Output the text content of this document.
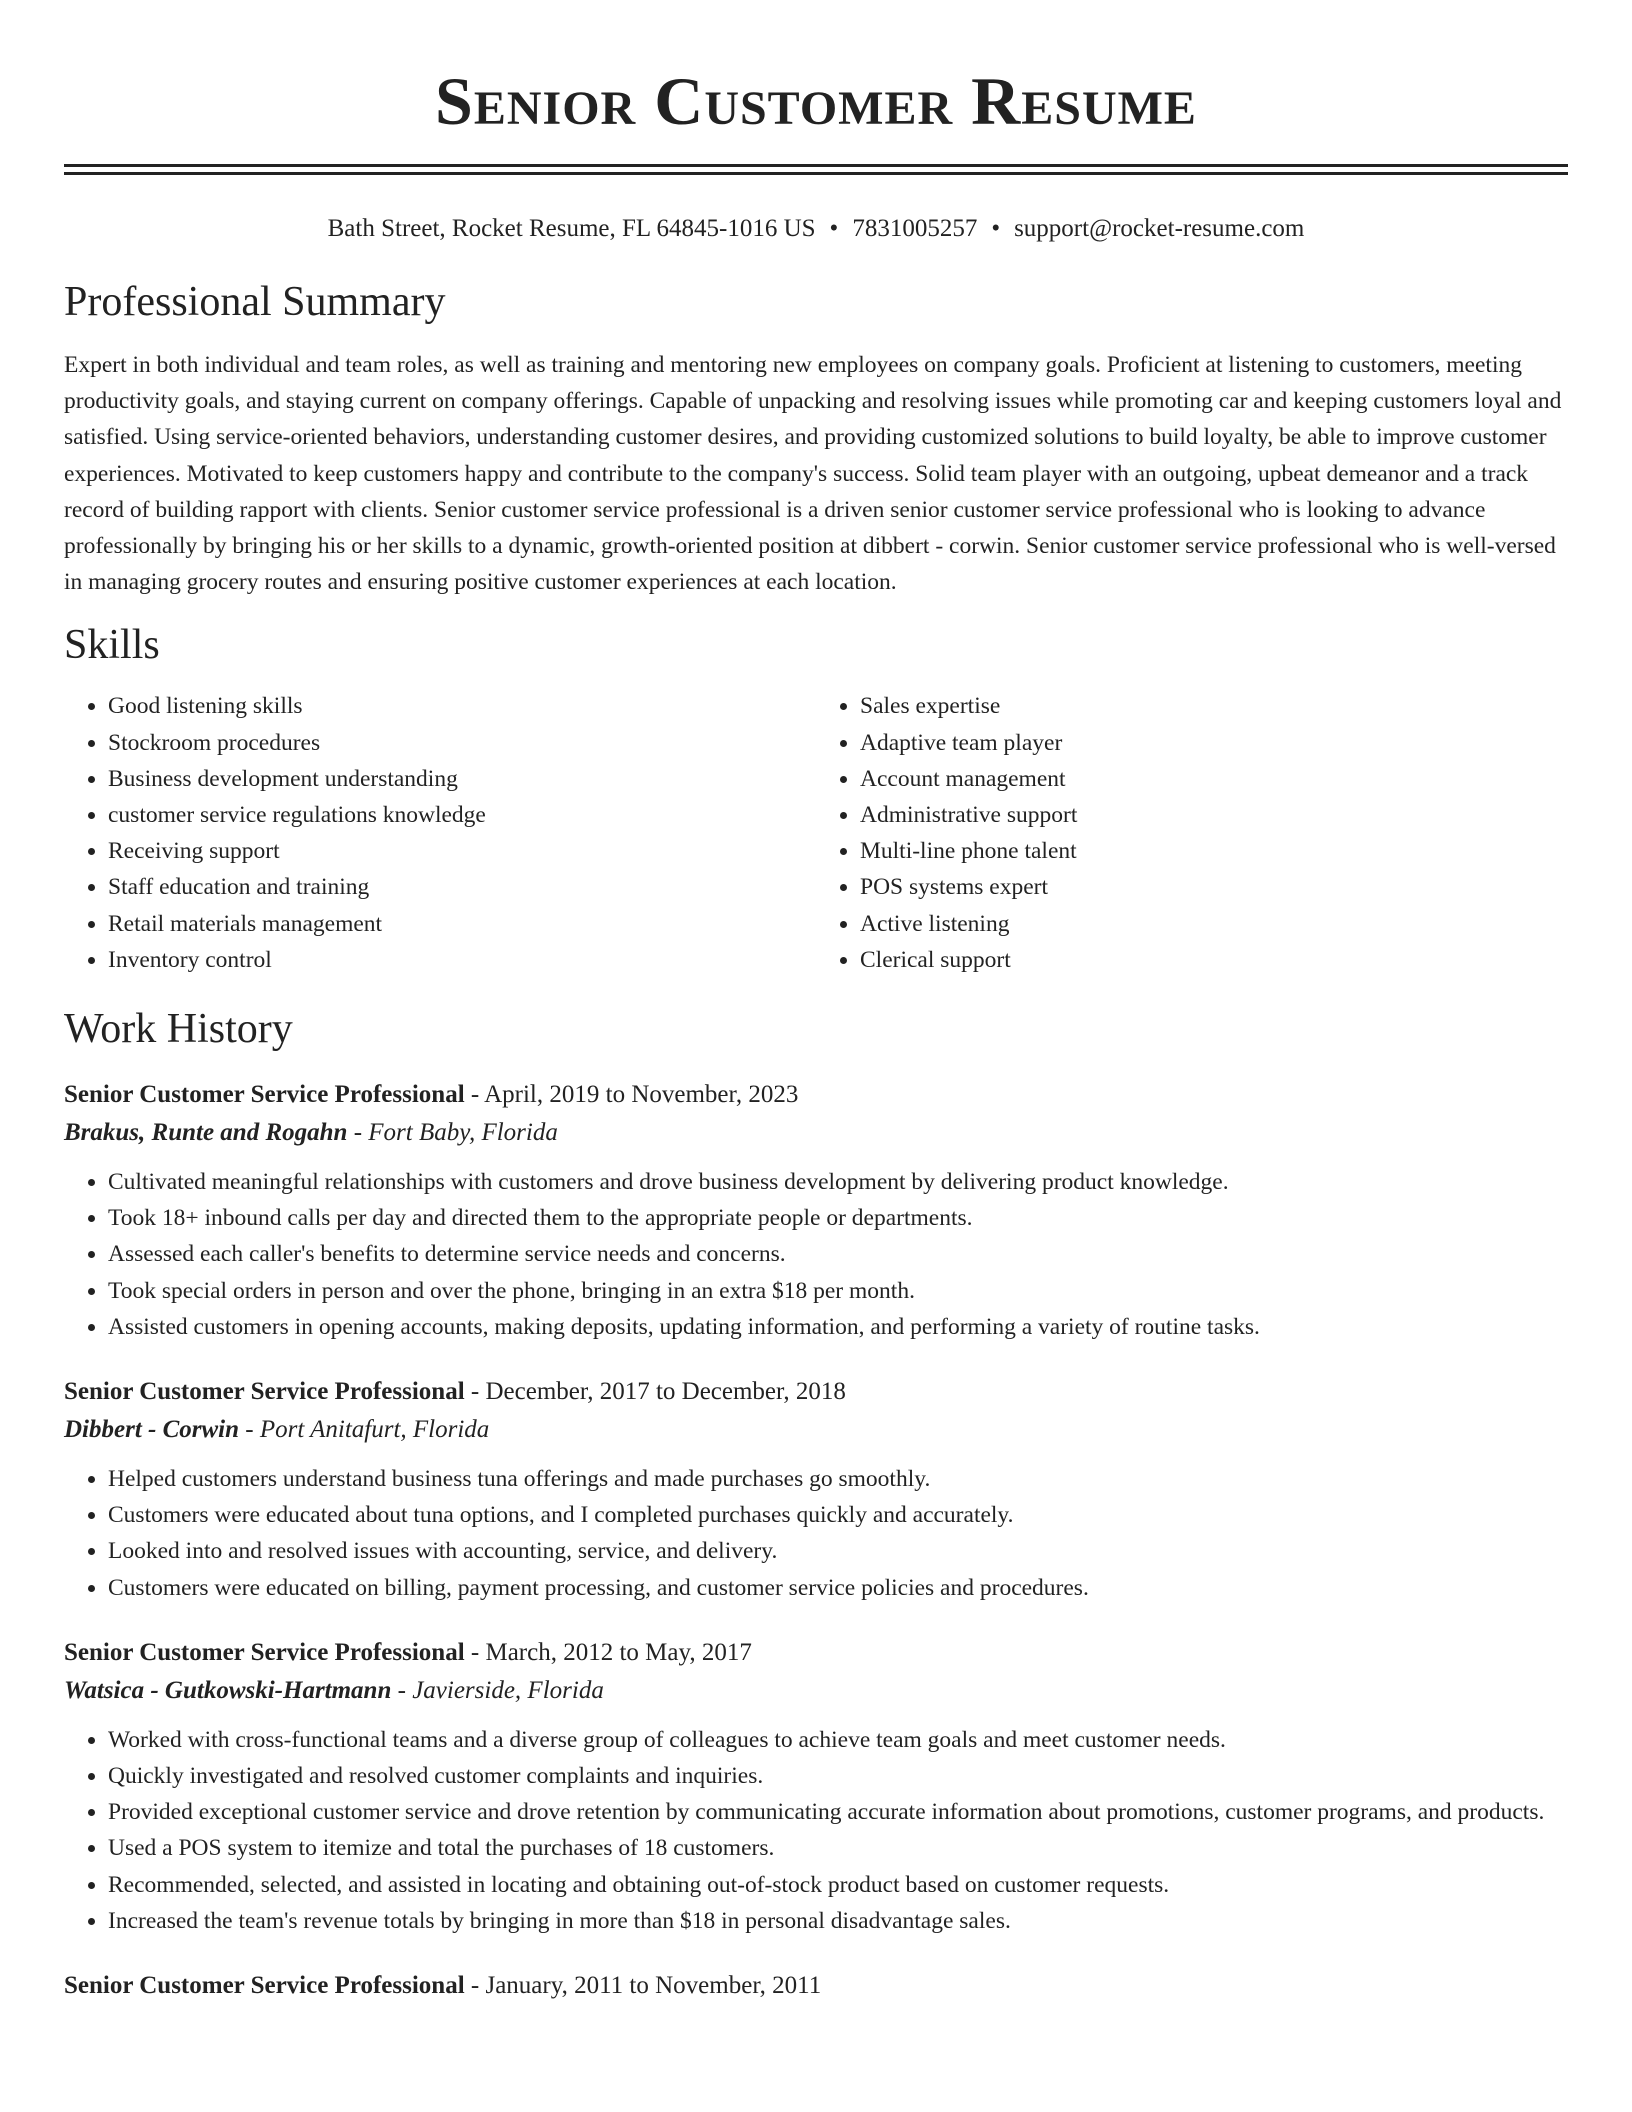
Senior Customer Resume
Bath Street, Rocket Resume, FL 64845-1016 US • 7831005257 • support@rocket-resume.com
Professional Summary
Expert in both individual and team roles, as well as training and mentoring new employees on company goals. Proficient at listening to customers, meeting productivity goals, and staying current on company offerings. Capable of unpacking and resolving issues while promoting car and keeping customers loyal and satisfied. Using service-oriented behaviors, understanding customer desires, and providing customized solutions to build loyalty, be able to improve customer experiences. Motivated to keep customers happy and contribute to the company's success. Solid team player with an outgoing, upbeat demeanor and a track record of building rapport with clients. Senior customer service professional is a driven senior customer service professional who is looking to advance professionally by bringing his or her skills to a dynamic, growth-oriented position at dibbert - corwin. Senior customer service professional who is well-versed in managing grocery routes and ensuring positive customer experiences at each location.
Skills
• Good listening skills
• Stockroom procedures
• Business development understanding
• customer service regulations knowledge
• Receiving support
• Staff education and training
• Retail materials management
• Inventory control
• Sales expertise
• Adaptive team player
• Account management
• Administrative support
• Multi-line phone talent
• POS systems expert
• Active listening
• Clerical support
Work History
Senior Customer Service Professional - April, 2019 to November, 2023
Brakus, Runte and Rogahn - Fort Baby, Florida
• Cultivated meaningful relationships with customers and drove business development by delivering product knowledge.
• Took 18+ inbound calls per day and directed them to the appropriate people or departments.
• Assessed each caller's benefits to determine service needs and concerns.
• Took special orders in person and over the phone, bringing in an extra $18 per month.
• Assisted customers in opening accounts, making deposits, updating information, and performing a variety of routine tasks.
Senior Customer Service Professional - December, 2017 to December, 2018
Dibbert - Corwin - Port Anitafurt, Florida
• Helped customers understand business tuna offerings and made purchases go smoothly.
• Customers were educated about tuna options, and I completed purchases quickly and accurately.
• Looked into and resolved issues with accounting, service, and delivery.
• Customers were educated on billing, payment processing, and customer service policies and procedures.
Senior Customer Service Professional - March, 2012 to May, 2017
Watsica - Gutkowski-Hartmann - Javierside, Florida
• Worked with cross-functional teams and a diverse group of colleagues to achieve team goals and meet customer needs.
• Quickly investigated and resolved customer complaints and inquiries.
• Provided exceptional customer service and drove retention by communicating accurate information about promotions, customer programs, and products.
• Used a POS system to itemize and total the purchases of 18 customers.
• Recommended, selected, and assisted in locating and obtaining out-of-stock product based on customer requests.
• Increased the team's revenue totals by bringing in more than $18 in personal disadvantage sales.
Senior Customer Service Professional - January, 2011 to November, 2011
